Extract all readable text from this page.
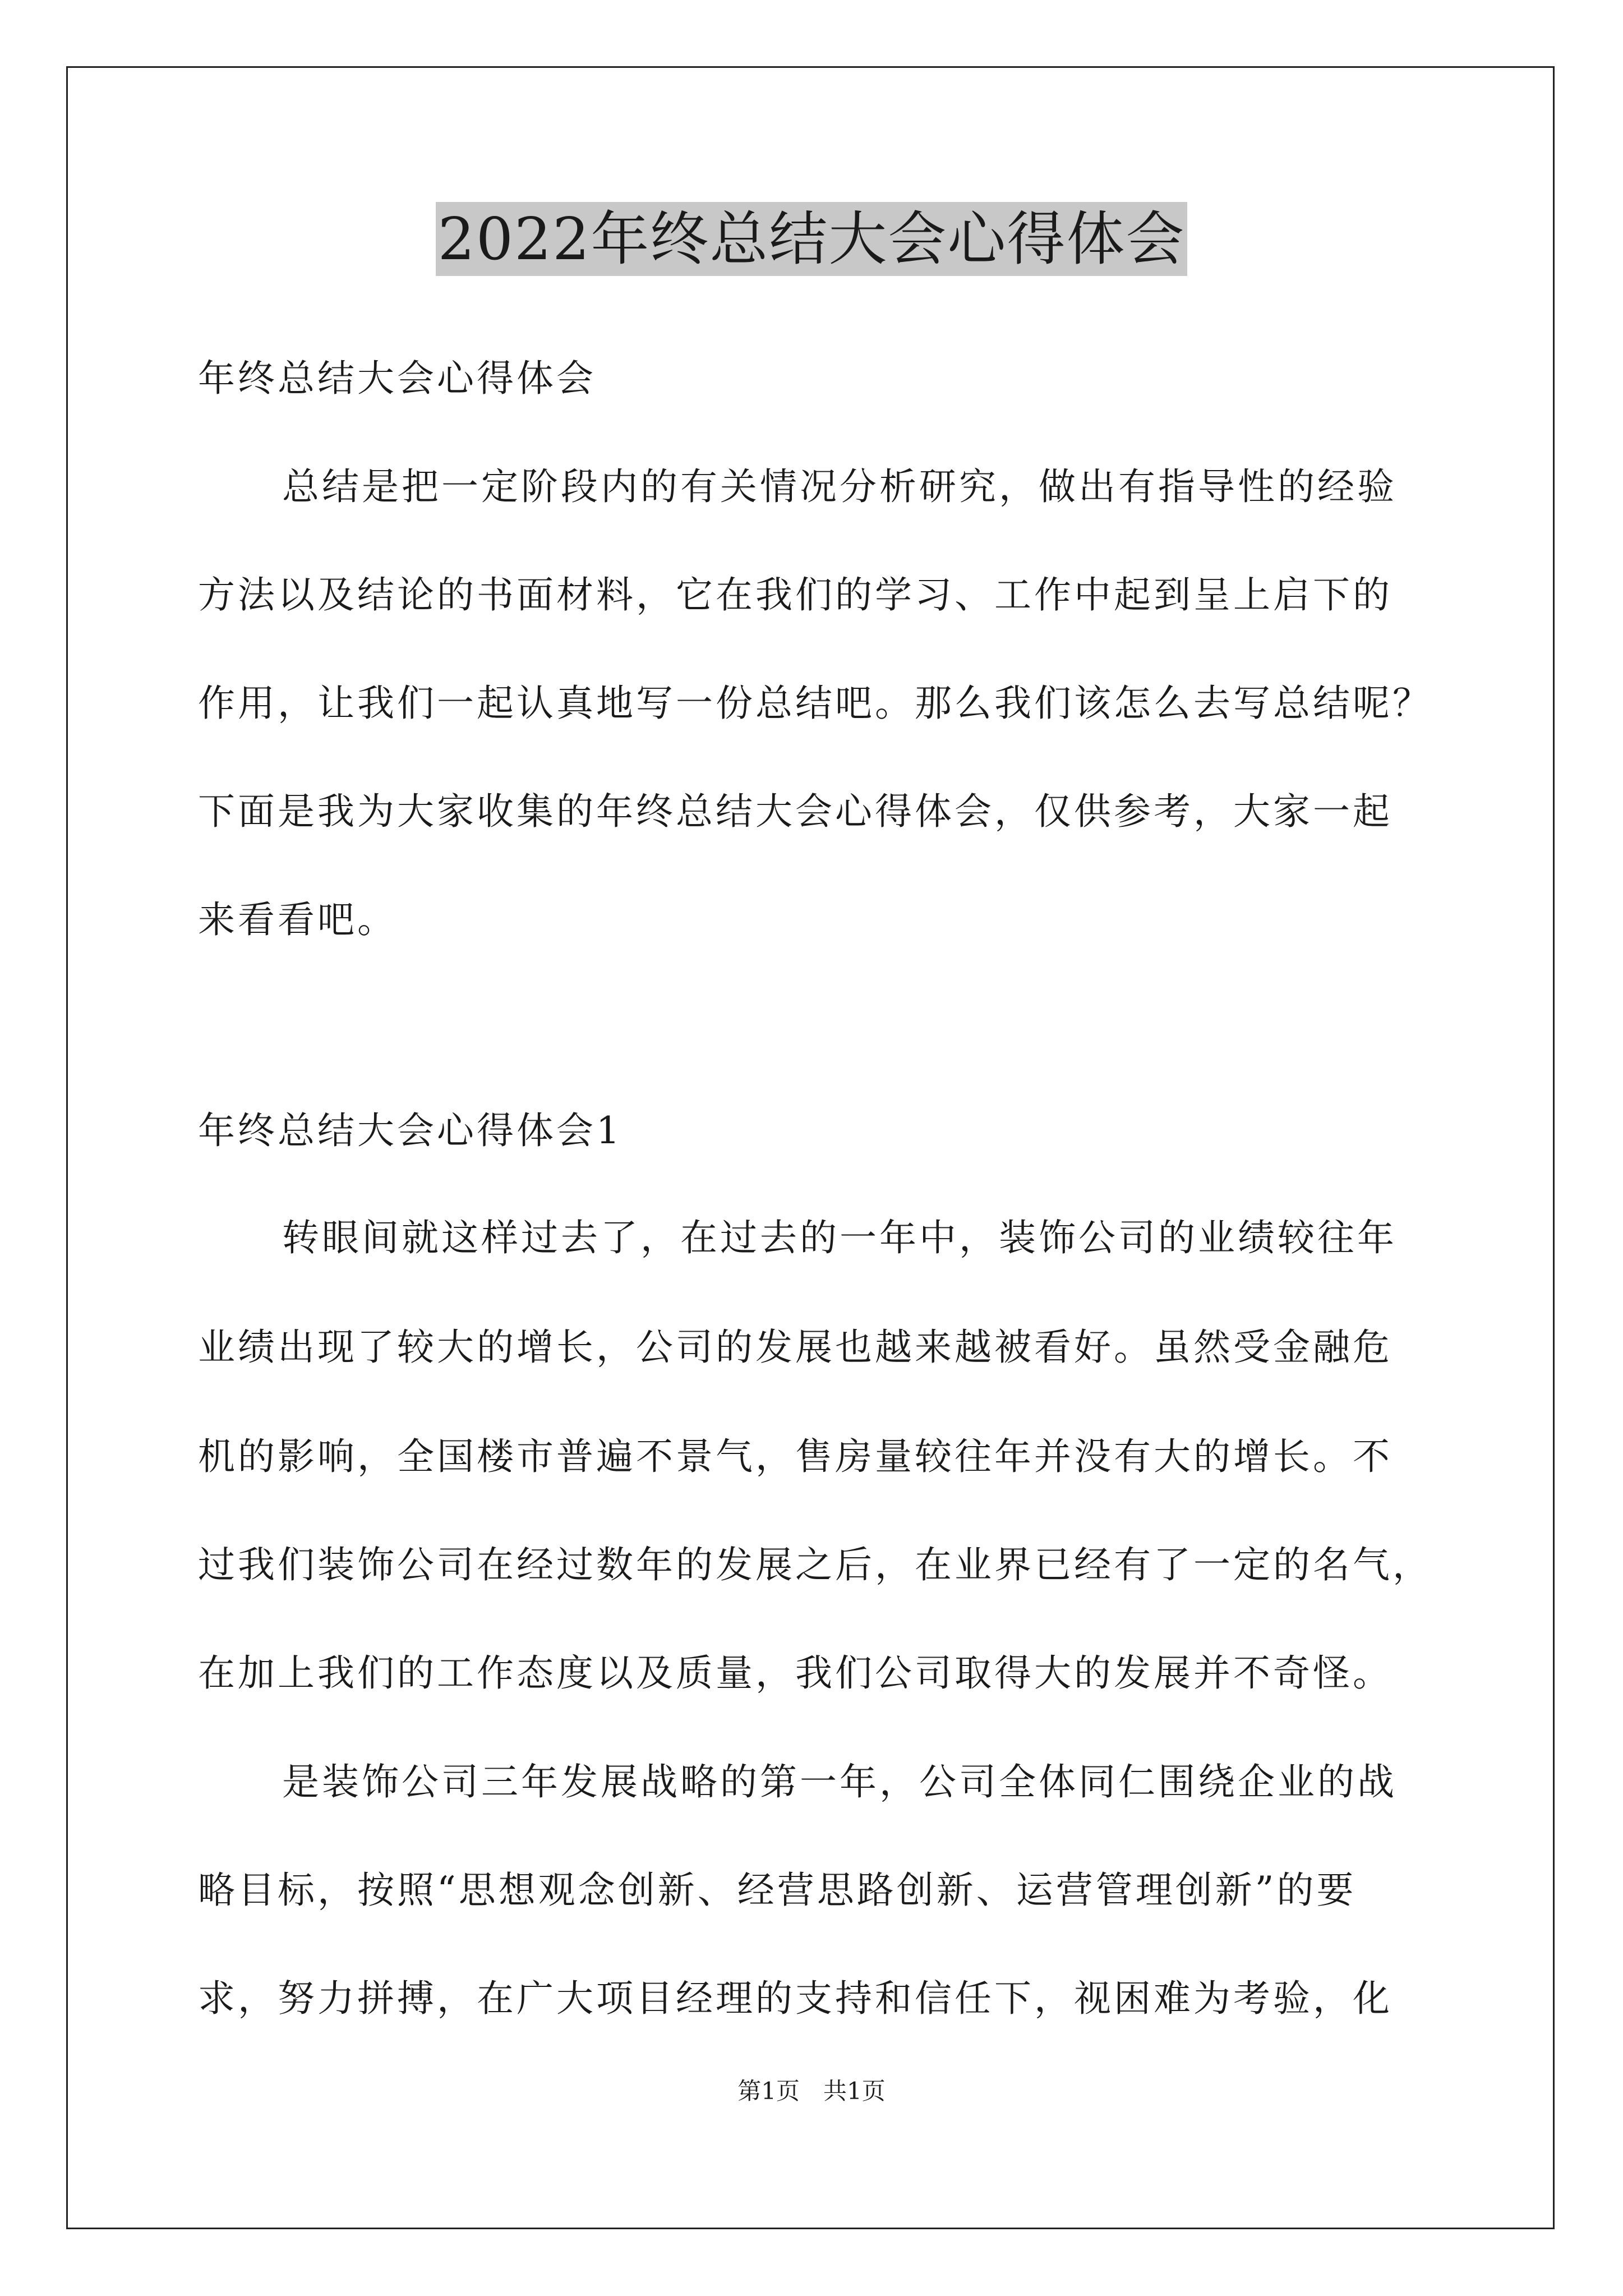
2022年终总结大会心得体会
年终总结大会心得体会
总结是把一定阶段内的有关情况分析研究，做出有指导性的经验
方法以及结论的书面材料，它在我们的学习、工作中起到呈上启下的
作用，让我们一起认真地写一份总结吧。那么我们该怎么去写总结呢？
下面是我为大家收集的年终总结大会心得体会，仅供参考，大家一起
来看看吧。
年终总结大会心得体会1
转眼间就这样过去了，在过去的一年中，装饰公司的业绩较往年
业绩出现了较大的增长，公司的发展也越来越被看好。虽然受金融危
机的影响，全国楼市普遍不景气，售房量较往年并没有大的增长。不
过我们装饰公司在经过数年的发展之后，在业界已经有了一定的名气，
在加上我们的工作态度以及质量，我们公司取得大的发展并不奇怪。
是装饰公司三年发展战略的第一年，公司全体同仁围绕企业的战
略目标，按照“思想观念创新、经营思路创新、运营管理创新”的要
求，努力拼搏，在广大项目经理的支持和信任下，视困难为考验，化
第1页　共1页
